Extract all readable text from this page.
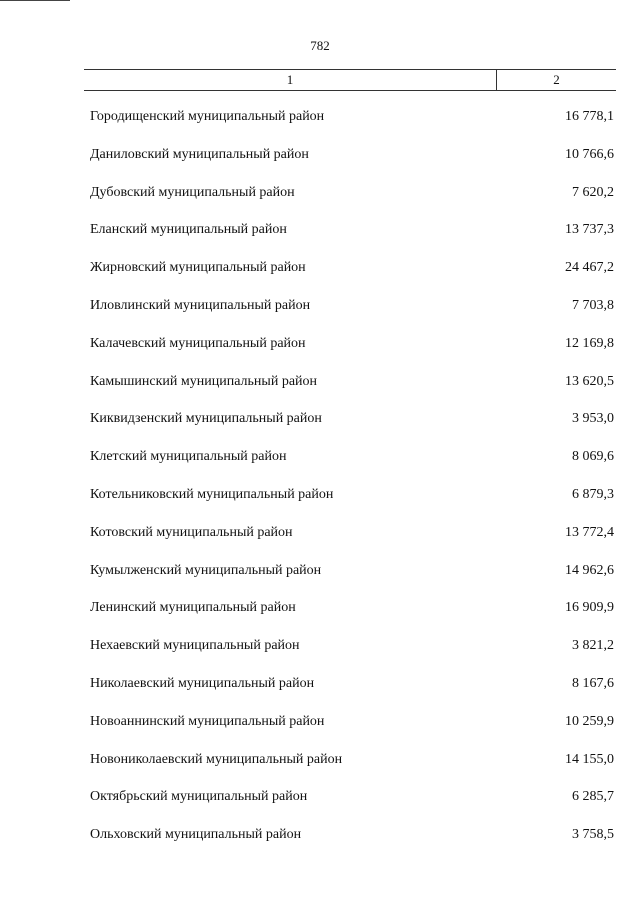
782
1	2
Городищенский муниципальный район	16 778,1
Даниловский муниципальный район	10 766,6
Дубовский муниципальный район	7 620,2
Еланский муниципальный район	13 737,3
Жирновский муниципальный район	24 467,2
Иловлинский муниципальный район	7 703,8
Калачевский муниципальный район	12 169,8
Камышинский муниципальный район	13 620,5
Киквидзенский муниципальный район	3 953,0
Клетский муниципальный район	8 069,6
Котельниковский муниципальный район	6 879,3
Котовский муниципальный район	13 772,4
Кумылженский муниципальный район	14 962,6
Ленинский муниципальный район	16 909,9
Нехаевский муниципальный район	3 821,2
Николаевский муниципальный район	8 167,6
Новоаннинский муниципальный район	10 259,9
Новониколаевский муниципальный район	14 155,0
Октябрьский муниципальный район	6 285,7
Ольховский муниципальный район	3 758,5
